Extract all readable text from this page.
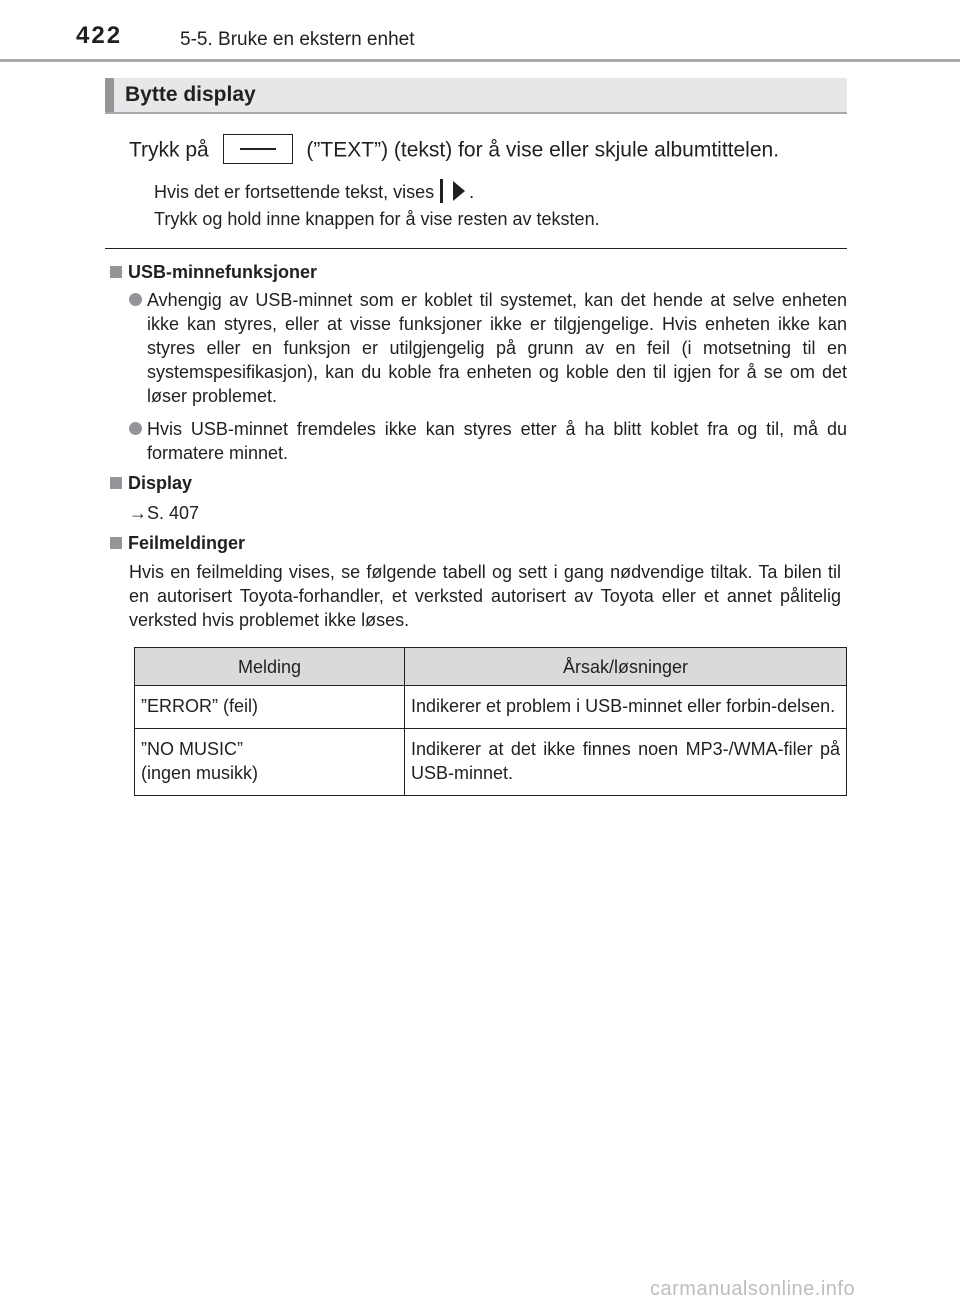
422	5-5. Bruke en ekstern enhet
Bytte display
Trykk på	(”TEXT”) (tekst) for å vise eller skjule albumtittelen.
Hvis det er fortsettende tekst, vises .
Trykk og hold inne knappen for å vise resten av teksten.
USB-minnefunksjoner
Avhengig av USB-minnet som er koblet til systemet, kan det hende at selve enheten ikke kan styres, eller at visse funksjoner ikke er tilgjengelige. Hvis enheten ikke kan styres eller en funksjon er utilgjengelig på grunn av en feil (i motsetning til en systemspesifikasjon), kan du koble fra enheten og koble den til igjen for å se om det løser problemet.
Hvis USB-minnet fremdeles ikke kan styres etter å ha blitt koblet fra og til, må du formatere minnet.
Display
→S. 407
Feilmeldinger
Hvis en feilmelding vises, se følgende tabell og sett i gang nødvendige tiltak. Ta bilen til en autorisert Toyota-forhandler, et verksted autorisert av Toyota eller et annet pålitelig verksted hvis problemet ikke løses.
Melding	Årsak/løsninger

”ERROR” (feil)	Indikerer et problem i USB-minnet eller forbin-delsen.

”NO MUSIC”
(ingen musikk)	Indikerer at det ikke finnes noen MP3-/WMA-filer på USB-minnet.
carmanualsonline.info
